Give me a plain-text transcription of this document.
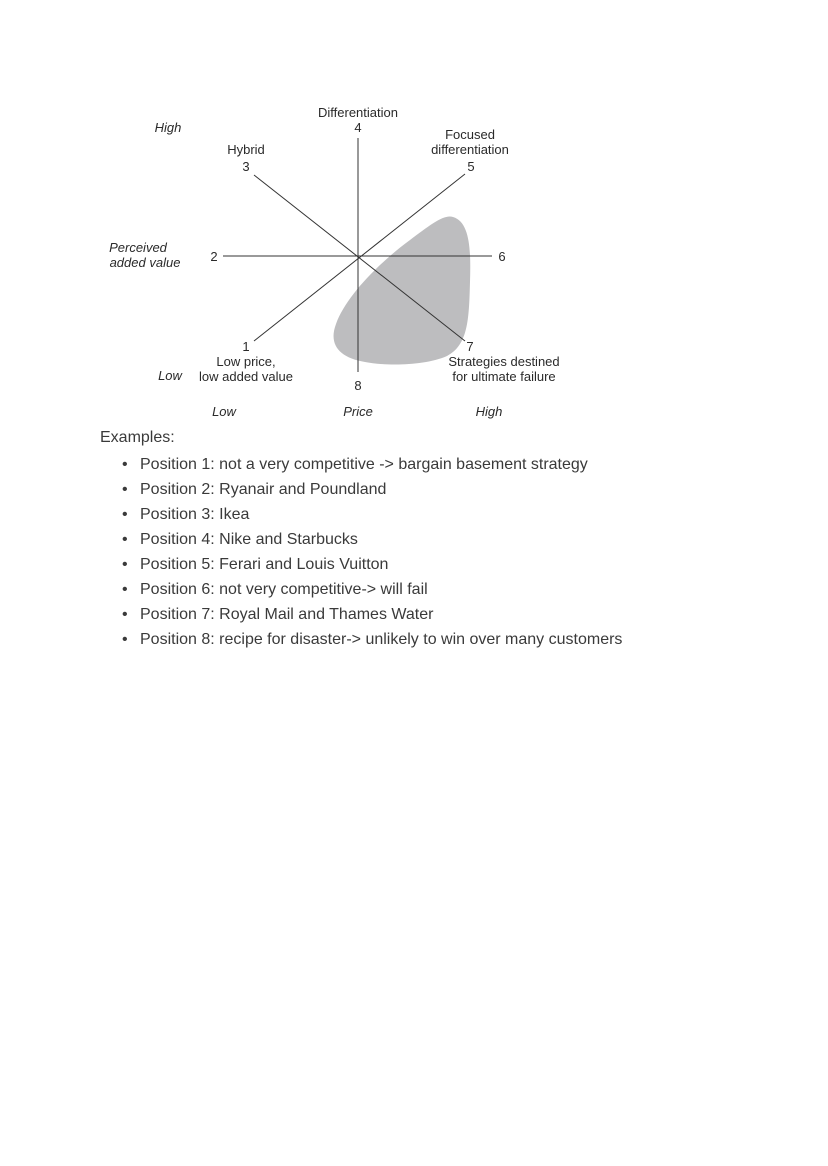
Differentiation
4
Hybrid
3
Focused
differentiation
5
2	6
1
Low price,
low added value
7
Strategies destined
for ultimate failure
8
High
Perceived
added value
Low
Low	Price	High
Examples:
• Position 1: not a very competitive -> bargain basement strategy
• Position 2: Ryanair and Poundland
• Position 3: Ikea
• Position 4: Nike and Starbucks
• Position 5: Ferari and Louis Vuitton
• Position 6: not very competitive-> will fail
• Position 7: Royal Mail and Thames Water
• Position 8: recipe for disaster-> unlikely to win over many customers
